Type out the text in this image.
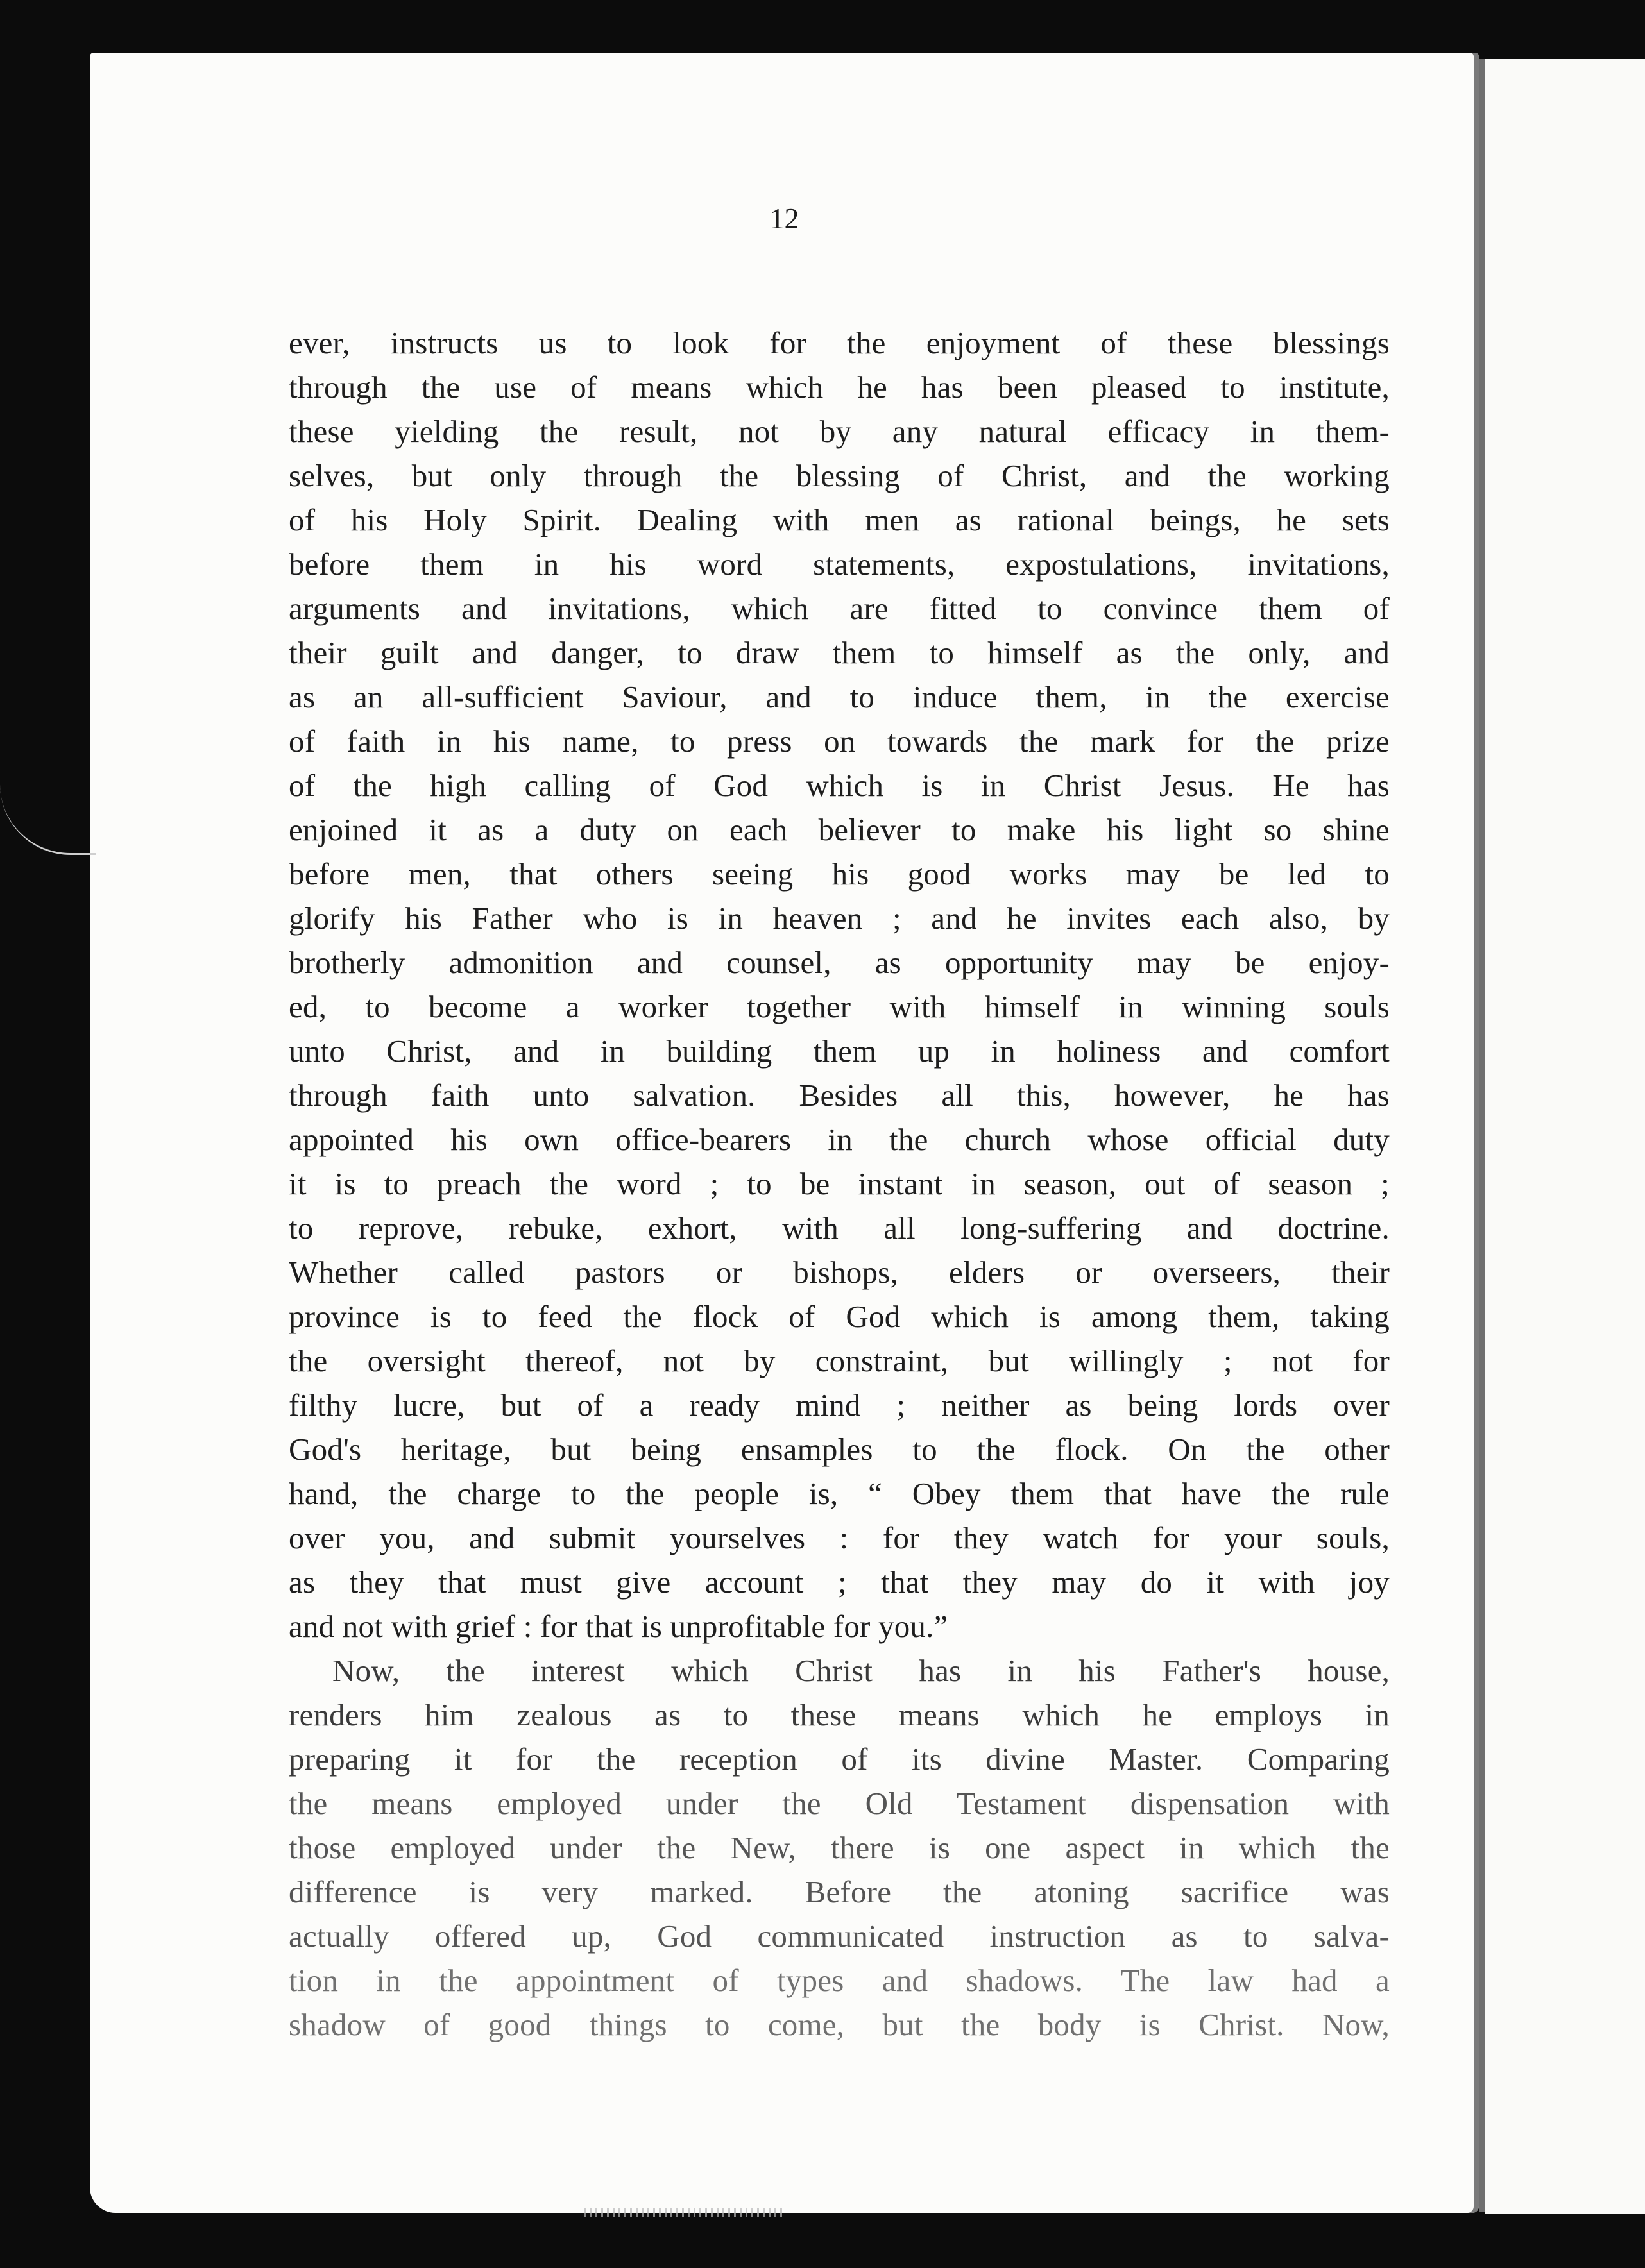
12

ever, instructs us to look for the enjoyment of these blessings
through the use of means which he has been pleased to institute,
these yielding the result, not by any natural efficacy in them-
selves, but only through the blessing of Christ, and the working
of his Holy Spirit. Dealing with men as rational beings, he sets
before them in his word statements, expostulations, invitations,
arguments and invitations, which are fitted to convince them of
their guilt and danger, to draw them to himself as the only, and
as an all-sufficient Saviour, and to induce them, in the exercise
of faith in his name, to press on towards the mark for the prize
of the high calling of God which is in Christ Jesus. He has
enjoined it as a duty on each believer to make his light so shine
before men, that others seeing his good works may be led to
glorify his Father who is in heaven ; and he invites each also, by
brotherly admonition and counsel, as opportunity may be enjoy-
ed, to become a worker together with himself in winning souls
unto Christ, and in building them up in holiness and comfort
through faith unto salvation. Besides all this, however, he has
appointed his own office-bearers in the church whose official duty
it is to preach the word ; to be instant in season, out of season ;
to reprove, rebuke, exhort, with all long-suffering and doctrine.
Whether called pastors or bishops, elders or overseers, their
province is to feed the flock of God which is among them, taking
the oversight thereof, not by constraint, but willingly ; not for
filthy lucre, but of a ready mind ; neither as being lords over
God's heritage, but being ensamples to the flock. On the other
hand, the charge to the people is, “ Obey them that have the rule
over you, and submit yourselves : for they watch for your souls,
as they that must give account ; that they may do it with joy
and not with grief : for that is unprofitable for you.”
Now, the interest which Christ has in his Father's house,
renders him zealous as to these means which he employs in
preparing it for the reception of its divine Master. Comparing
the means employed under the Old Testament dispensation with
those employed under the New, there is one aspect in which the
difference is very marked. Before the atoning sacrifice was
actually offered up, God communicated instruction as to salva-
tion in the appointment of types and shadows. The law had a
shadow of good things to come, but the body is Christ. Now,
